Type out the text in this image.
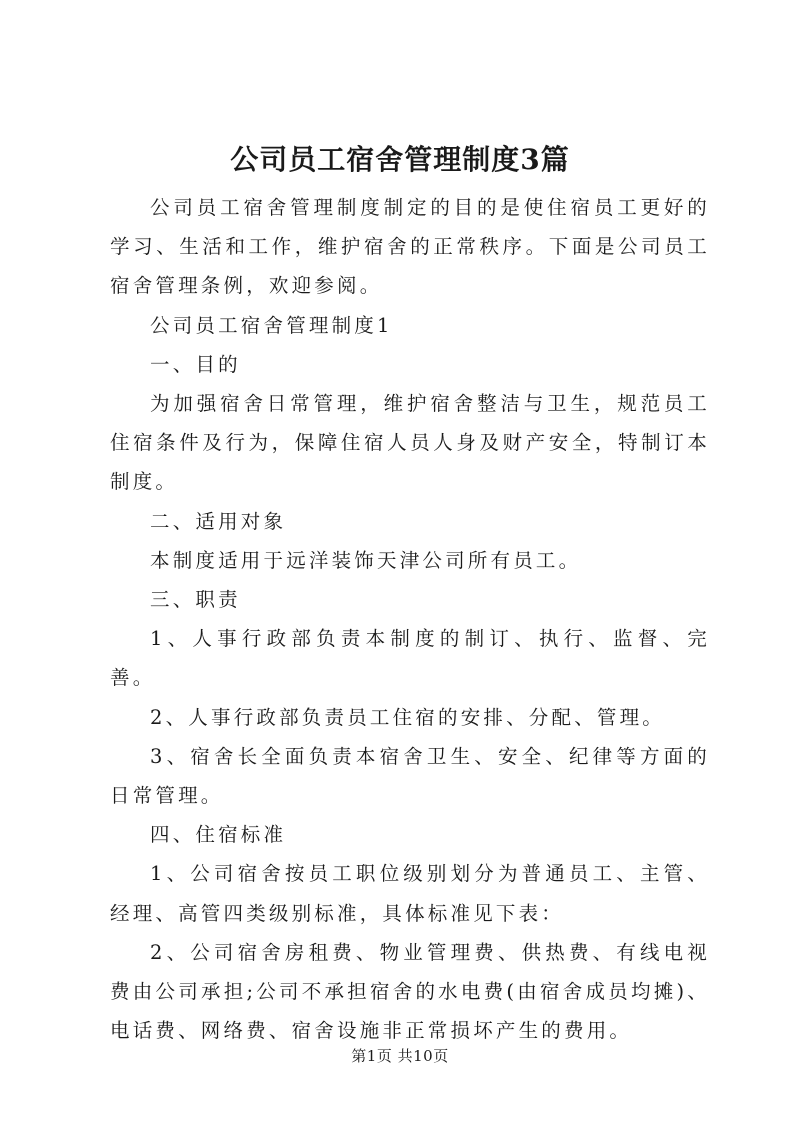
公司员工宿舍管理制度3篇

公司员工宿舍管理制度制定的目的是使住宿员工更好的学习、生活和工作，维护宿舍的正常秩序。下面是公司员工宿舍管理条例，欢迎参阅。

公司员工宿舍管理制度1

一、目的

为加强宿舍日常管理，维护宿舍整洁与卫生，规范员工住宿条件及行为，保障住宿人员人身及财产安全，特制订本制度。

二、适用对象

本制度适用于远洋装饰天津公司所有员工。

三、职责

1、人事行政部负责本制度的制订、执行、监督、完善。

2、人事行政部负责员工住宿的安排、分配、管理。

3、宿舍长全面负责本宿舍卫生、安全、纪律等方面的日常管理。

四、住宿标准

1、公司宿舍按员工职位级别划分为普通员工、主管、经理、高管四类级别标准，具体标准见下表：

2、公司宿舍房租费、物业管理费、供热费、有线电视费由公司承担;公司不承担宿舍的水电费(由宿舍成员均摊)、电话费、网络费、宿舍设施非正常损坏产生的费用。

第1页 共10页
